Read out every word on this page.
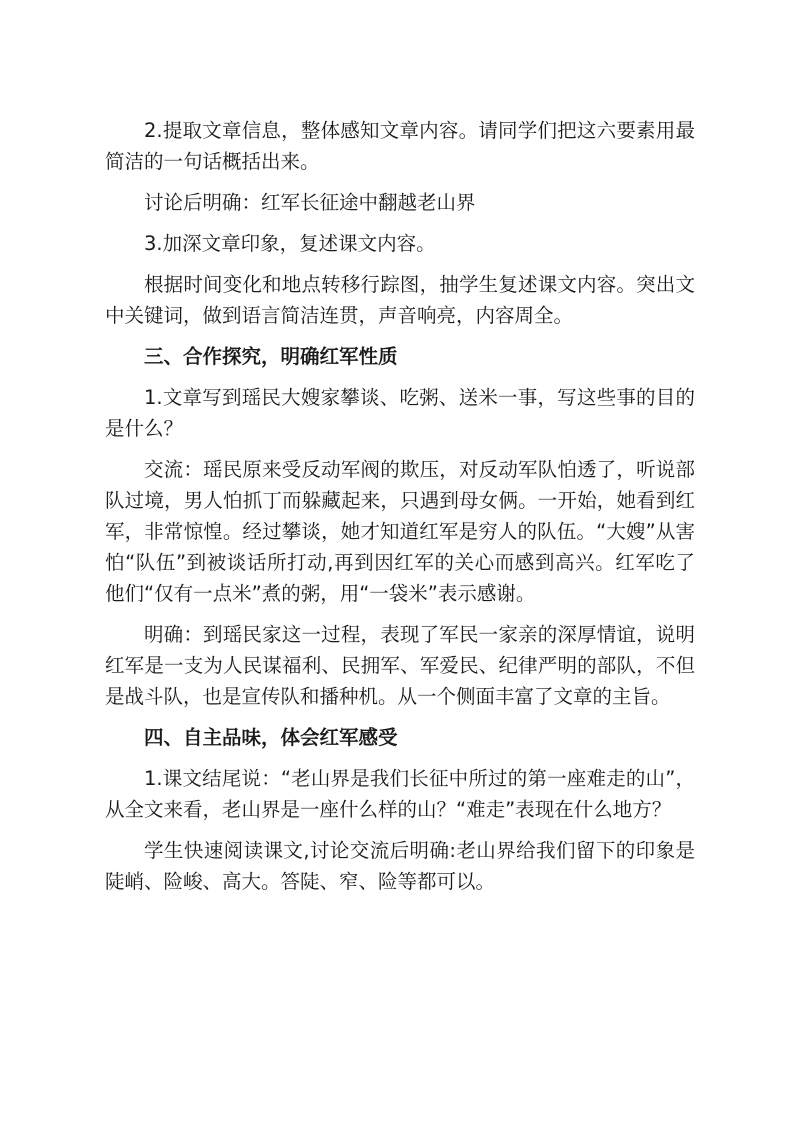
2.提取文章信息，整体感知文章内容。请同学们把这六要素用最简洁的一句话概括出来。

讨论后明确：红军长征途中翻越老山界

3.加深文章印象，复述课文内容。

根据时间变化和地点转移行踪图，抽学生复述课文内容。突出文中关键词，做到语言简洁连贯，声音响亮，内容周全。

三、合作探究，明确红军性质

1.文章写到瑶民大嫂家攀谈、吃粥、送米一事，写这些事的目的是什么？

交流：瑶民原来受反动军阀的欺压，对反动军队怕透了，听说部队过境，男人怕抓丁而躲藏起来，只遇到母女俩。一开始，她看到红军，非常惊惶。经过攀谈，她才知道红军是穷人的队伍。“大嫂”从害怕“队伍”到被谈话所打动,再到因红军的关心而感到高兴。红军吃了他们“仅有一点米”煮的粥，用“一袋米”表示感谢。

明确：到瑶民家这一过程，表现了军民一家亲的深厚情谊，说明红军是一支为人民谋福利、民拥军、军爱民、纪律严明的部队，不但是战斗队，也是宣传队和播种机。从一个侧面丰富了文章的主旨。

四、自主品味，体会红军感受

1.课文结尾说：“老山界是我们长征中所过的第一座难走的山”，从全文来看，老山界是一座什么样的山？“难走”表现在什么地方？

学生快速阅读课文,讨论交流后明确:老山界给我们留下的印象是陡峭、险峻、高大。答陡、窄、险等都可以。
